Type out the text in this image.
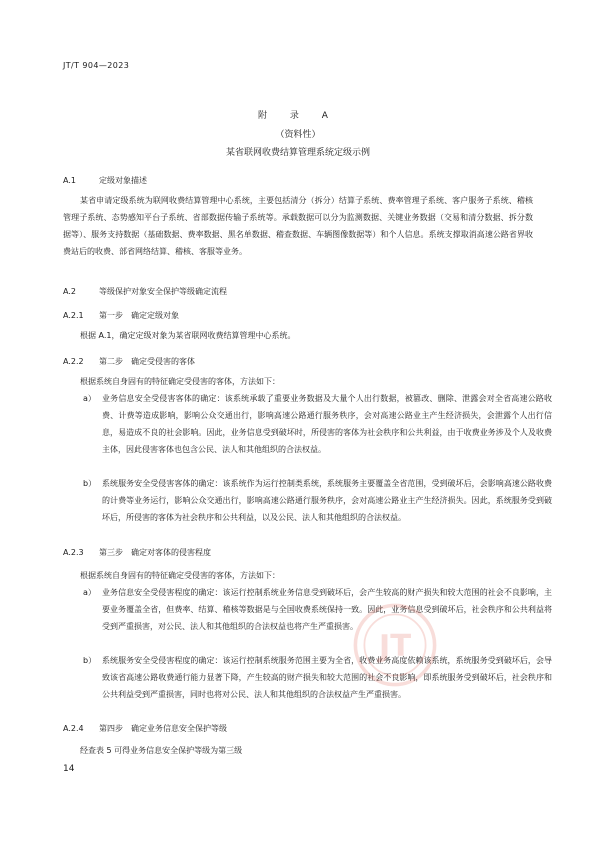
JT/T 904—2023
附 录 A
（资料性）
某省联网收费结算管理系统定级示例
A.1	定级对象描述

某省申请定级系统为联网收费结算管理中心系统，主要包括清分（拆分）结算子系统、费率管理子系统、客户服务子系统、稽核管理子系统、态势感知平台子系统、省部数据传输子系统等。承载数据可以分为监测数据、关键业务数据（交易和清分数据、拆分数据等）、服务支持数据（基础数据、费率数据、黑名单数据、稽查数据、车辆图像数据等）和个人信息。系统支撑取消高速公路省界收费站后的收费、部省网络结算、稽核、客服等业务。

A.2	等级保护对象安全保护等级确定流程
A.2.1 第一步　确定定级对象

根据 A.1，确定定级对象为某省联网收费结算管理中心系统。

A.2.2 第二步　确定受侵害的客体

根据系统自身固有的特征确定受侵害的客体，方法如下：

a） 业务信息安全受侵害客体的确定：该系统承载了重要业务数据及大量个人出行数据，被篡改、删除、泄露会对全省高速公路收费、计费等造成影响，影响公众交通出行，影响高速公路通行服务秩序，会对高速公路业主产生经济损失，会泄露个人出行信息，易造成不良的社会影响。因此，业务信息受到破坏时，所侵害的客体为社会秩序和公共利益，由于收费业务涉及个人及收费主体，因此侵害客体也包含公民、法人和其他组织的合法权益。

b） 系统服务安全受侵害客体的确定：该系统作为运行控制类系统，系统服务主要覆盖全省范围，受到破坏后，会影响高速公路收费的计费等业务运行，影响公众交通出行，影响高速公路通行服务秩序，会对高速公路业主产生经济损失。因此，系统服务受到破坏后，所侵害的客体为社会秩序和公共利益，以及公民、法人和其他组织的合法权益。

A.2.3 第三步　确定对客体的侵害程度

根据系统自身固有的特征确定受侵害的客体，方法如下：

a） 业务信息安全受侵害程度的确定：该运行控制系统业务信息受到破坏后，会产生较高的财产损失和较大范围的社会不良影响，主要业务覆盖全省，但费率、结算、稽核等数据是与全国收费系统保持一致。因此，业务信息受到破坏后，社会秩序和公共利益将受到严重损害，对公民、法人和其他组织的合法权益也将产生严重损害。

b） 系统服务安全受侵害程度的确定：该运行控制系统服务范围主要为全省，收费业务高度依赖该系统，系统服务受到破坏后，会导致该省高速公路收费通行能力显著下降，产生较高的财产损失和较大范围的社会不良影响，即系统服务受到破坏后，社会秩序和公共利益受到严重损害，同时也将对公民、法人和其他组织的合法权益产生严重损害。

A.2.4 第四步　确定业务信息安全保护等级

经查表 5 可得业务信息安全保护等级为第三级

14
JT
